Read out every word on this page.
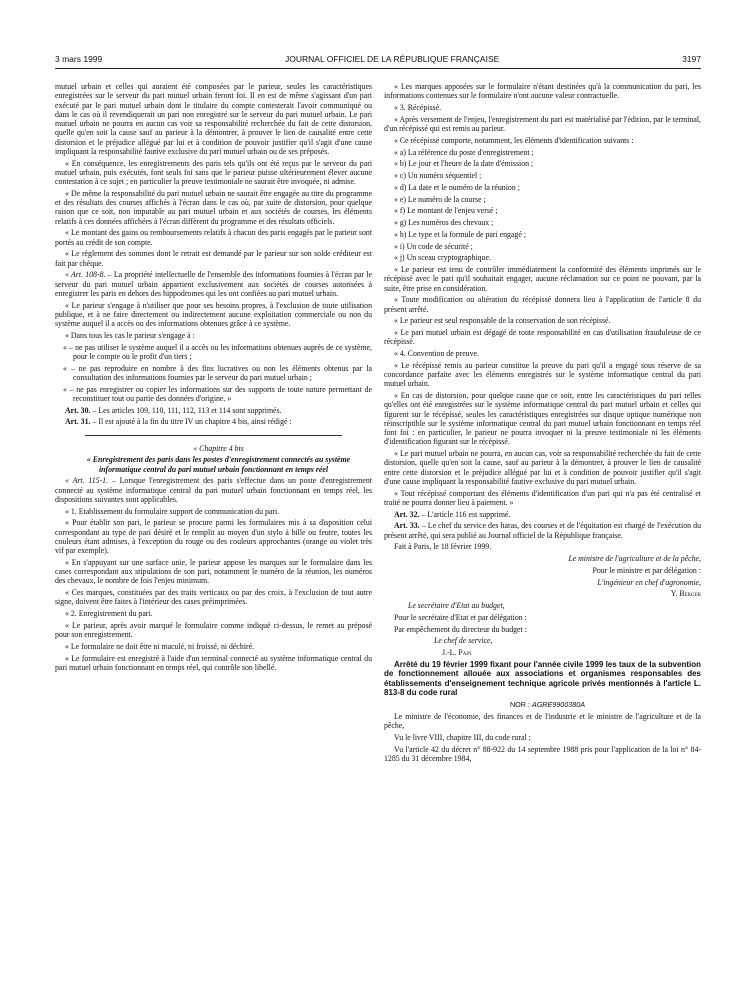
3 mars 1999	JOURNAL OFFICIEL DE LA RÉPUBLIQUE FRANÇAISE	3197

mutuel urbain et celles qui auraient été composées par le parieur, seules les caractéristiques enregistrées sur le serveur du pari mutuel urbain feront foi. Il en est de même s'agissant d'un pari exécuté par le pari mutuel urbain dont le titulaire du compte contesterait l'avoir communiqué ou dans le cas où il revendiquerait un pari non enregistré sur le serveur du pari mutuel urbain. Le pari mutuel urbain ne pourra en aucun cas voir sa responsabilité recherchée du fait de cette distorsion, quelle qu'en soit la cause sauf au parieur à la démontrer, à prouver le lien de causalité entre cette distorsion et le préjudice allégué par lui et à condition de pouvoir justifier qu'il s'agit d'une cause impliquant la responsabilité fautive exclusive du pari mutuel urbain ou de ses préposés.

« En conséquence, les enregistrements des paris tels qu'ils ont été reçus par le serveur du pari mutuel urbain, puis exécutés, font seuls foi sans que le parieur puisse ultérieurement élever aucune contestation à ce sujet ; en particulier la preuve testimoniale ne saurait être invoquée, ni admise.

« De même la responsabilité du pari mutuel urbain ne saurait être engagée au titre du programme et des résultats des courses affichés à l'écran dans le cas où, par suite de distorsion, pour quelque raison que ce soit, non imputable au pari mutuel urbain et aux sociétés de courses, les éléments relatifs à ces données affichées à l'écran diffèrent du programme et des résultats officiels.

« Le montant des gains ou remboursements relatifs à chacun des paris engagés par le parieur sont portés au crédit de son compte.

« Le règlement des sommes dont le retrait est demandé par le parieur sur son solde créditeur est fait par chèque.

« Art. 108-8. – La propriété intellectuelle de l'ensemble des informations fournies à l'écran par le serveur du pari mutuel urbain appartient exclusivement aux sociétés de courses autorisées à enregistrer les paris en dehors des hippodromes qui les ont confiées au pari mutuel urbain.

« Le parieur s'engage à n'utiliser que pour ses besoins propres, à l'exclusion de toute utilisation publique, et à ne faire directement ou indirectement aucune exploitation commerciale ou non du système auquel il a accès ou des informations obtenues grâce à ce système.

« Dans tous les cas le parieur s'engage à :

« – ne pas utiliser le système auquel il a accès ou les informations obtenues auprès de ce système, pour le compte ou le profit d'un tiers ;

« – ne pas reproduire en nombre à des fins lucratives ou non les éléments obtenus par la consultation des informations fournies par le serveur du pari mutuel urbain ;

« – ne pas enregistrer ou copier les informations sur des supports de toute nature permettant de reconstituer tout ou partie des données d'origine. »

Art. 30. – Les articles 109, 110, 111, 112, 113 et 114 sont supprimés.

Art. 31. – Il est ajouté à la fin du titre IV un chapitre 4 bis, ainsi rédigé :

« Chapitre 4 bis

« Enregistrement des paris dans les postes d'enregistrement connectés au système informatique central du pari mutuel urbain fonctionnant en temps réel

« Art. 115-1. – Lorsque l'enregistrement des paris s'effectue dans un poste d'enregistrement connecté au système informatique central du pari mutuel urbain fonctionnant en temps réel, les dispositions suivantes sont applicables.

« 1. Etablissement du formulaire support de communication du pari.

« Pour établir son pari, le parieur se procure parmi les formulaires mis à sa disposition celui correspondant au type de pari désiré et le remplit au moyen d'un stylo à bille ou feutre, toutes les couleurs étant admises, à l'exception du rouge ou des couleurs approchantes (orange ou violet très vif par exemple).

« En s'appuyant sur une surface unie, le parieur appose les marques sur le formulaire dans les cases correspondant aux stipulations de son pari, notamment le numéro de la réunion, les numéros des chevaux, le nombre de fois l'enjeu minimum.

« Ces marques, constituées par des traits verticaux ou par des croix, à l'exclusion de tout autre signe, doivent être faites à l'intérieur des cases préimprimées.

« 2. Enregistrement du pari.

« Le parieur, après avoir marqué le formulaire comme indiqué ci-dessus, le remet au préposé pour son enregistrement.

« Le formulaire ne doit être ni maculé, ni froissé, ni déchiré.

« Le formulaire est enregistré à l'aide d'un terminal connecté au système informatique central du pari mutuel urbain fonctionnant en temps réel, qui contrôle son libellé.

« Les marques apposées sur le formulaire n'étant destinées qu'à la communication du pari, les informations contenues sur le formulaire n'ont aucune valeur contractuelle.

« 3. Récépissé.

« Après versement de l'enjeu, l'enregistrement du pari est matérialisé par l'édition, par le terminal, d'un récépissé qui est remis au parieur.

« Ce récépissé comporte, notamment, les éléments d'identification suivants :

« a) La référence du poste d'enregistrement ;

« b) Le jour et l'heure de la date d'émission ;

« c) Un numéro séquentiel ;

« d) La date et le numéro de la réunion ;

« e) Le numéro de la course ;

« f) Le montant de l'enjeu versé ;

« g) Les numéros des chevaux ;

« h) Le type et la formule de pari engagé ;

« i) Un code de sécurité ;

« j) Un sceau cryptographique.

« Le parieur est tenu de contrôler immédiatement la conformité des éléments imprimés sur le récépissé avec le pari qu'il souhaitait engager, aucune réclamation sur ce point ne pouvant, par la suite, être prise en considération.

« Toute modification ou altération du récépissé donnera lieu à l'application de l'article 8 du présent arrêté.

« Le parieur est seul responsable de la conservation de son récépissé.

« Le pari mutuel urbain est dégagé de toute responsabilité en cas d'utilisation frauduleuse de ce récépissé.

« 4. Convention de preuve.

« Le récépissé remis au parieur constitue la preuve du pari qu'il a engagé sous réserve de sa concordance parfaite avec les éléments enregistrés sur le système informatique central du pari mutuel urbain.

« En cas de distorsion, pour quelque cause que ce soit, entre les caractéristiques du pari telles qu'elles ont été enregistrées sur le système informatique central du pari mutuel urbain et celles qui figurent sur le récépissé, seules les caractéristiques enregistrées sur disque optique numérique non réinscriptible sur le système informatique central du pari mutuel urbain fonctionnant en temps réel font foi : en particulier, le parieur ne pourra invoquer ni la preuve testimoniale ni les éléments d'identification figurant sur le récépissé.

« Le pari mutuel urbain ne pourra, en aucun cas, voir sa responsabilité recherchée du fait de cette distorsion, quelle qu'en soit la cause, sauf au parieur à la démontrer, à prouver le lien de causalité entre cette distorsion et le préjudice allégué par lui et à condition de pouvoir justifier qu'il s'agit d'une cause impliquant la responsabilité fautive exclusive du pari mutuel urbain.

« Tout récépissé comportant des éléments d'identification d'un pari qui n'a pas été centralisé et traité ne pourra donner lieu à paiement. »

Art. 32. – L'article 116 est supprimé.

Art. 33. – Le chef du service des haras, des courses et de l'équitation est chargé de l'exécution du présent arrêté, qui sera publié au Journal officiel de la République française.

Fait à Paris, le 18 février 1999.

Le ministre de l'agriculture et de la pêche,

Pour le ministre et par délégation :

L'ingénieur en chef d'agronomie,

Y. Berger

Le secrétaire d'Etat au budget,

Pour le secrétaire d'Etat et par délégation :

Par empêchement du directeur du budget :

Le chef de service,

J.-L. Pain

Arrêté du 19 février 1999 fixant pour l'année civile 1999 les taux de la subvention de fonctionnement allouée aux associations et organismes responsables des établissements d'enseignement technique agricole privés mentionnés à l'article L. 813-8 du code rural

NOR : AGRE9900380A

Le ministre de l'économie, des finances et de l'industrie et le ministre de l'agriculture et de la pêche,

Vu le livre VIII, chapitre III, du code rural ;

Vu l'article 42 du décret n° 88-922 du 14 septembre 1988 pris pour l'application de la loi n° 84-1285 du 31 décembre 1984,
